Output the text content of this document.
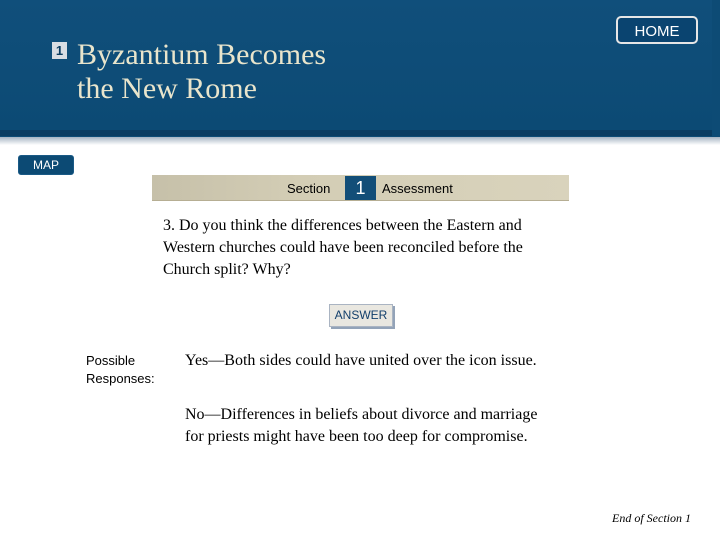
1 Byzantium Becomes
the New Rome
HOME
MAP
Section	1	Assessment
3. Do you think the differences between the Eastern and Western churches could have been reconciled before the Church split? Why?
ANSWER
Possible
Responses:
Yes—Both sides could have united over the icon issue.
No—Differences in beliefs about divorce and marriage for priests might have been too deep for compromise.
End of Section 1
